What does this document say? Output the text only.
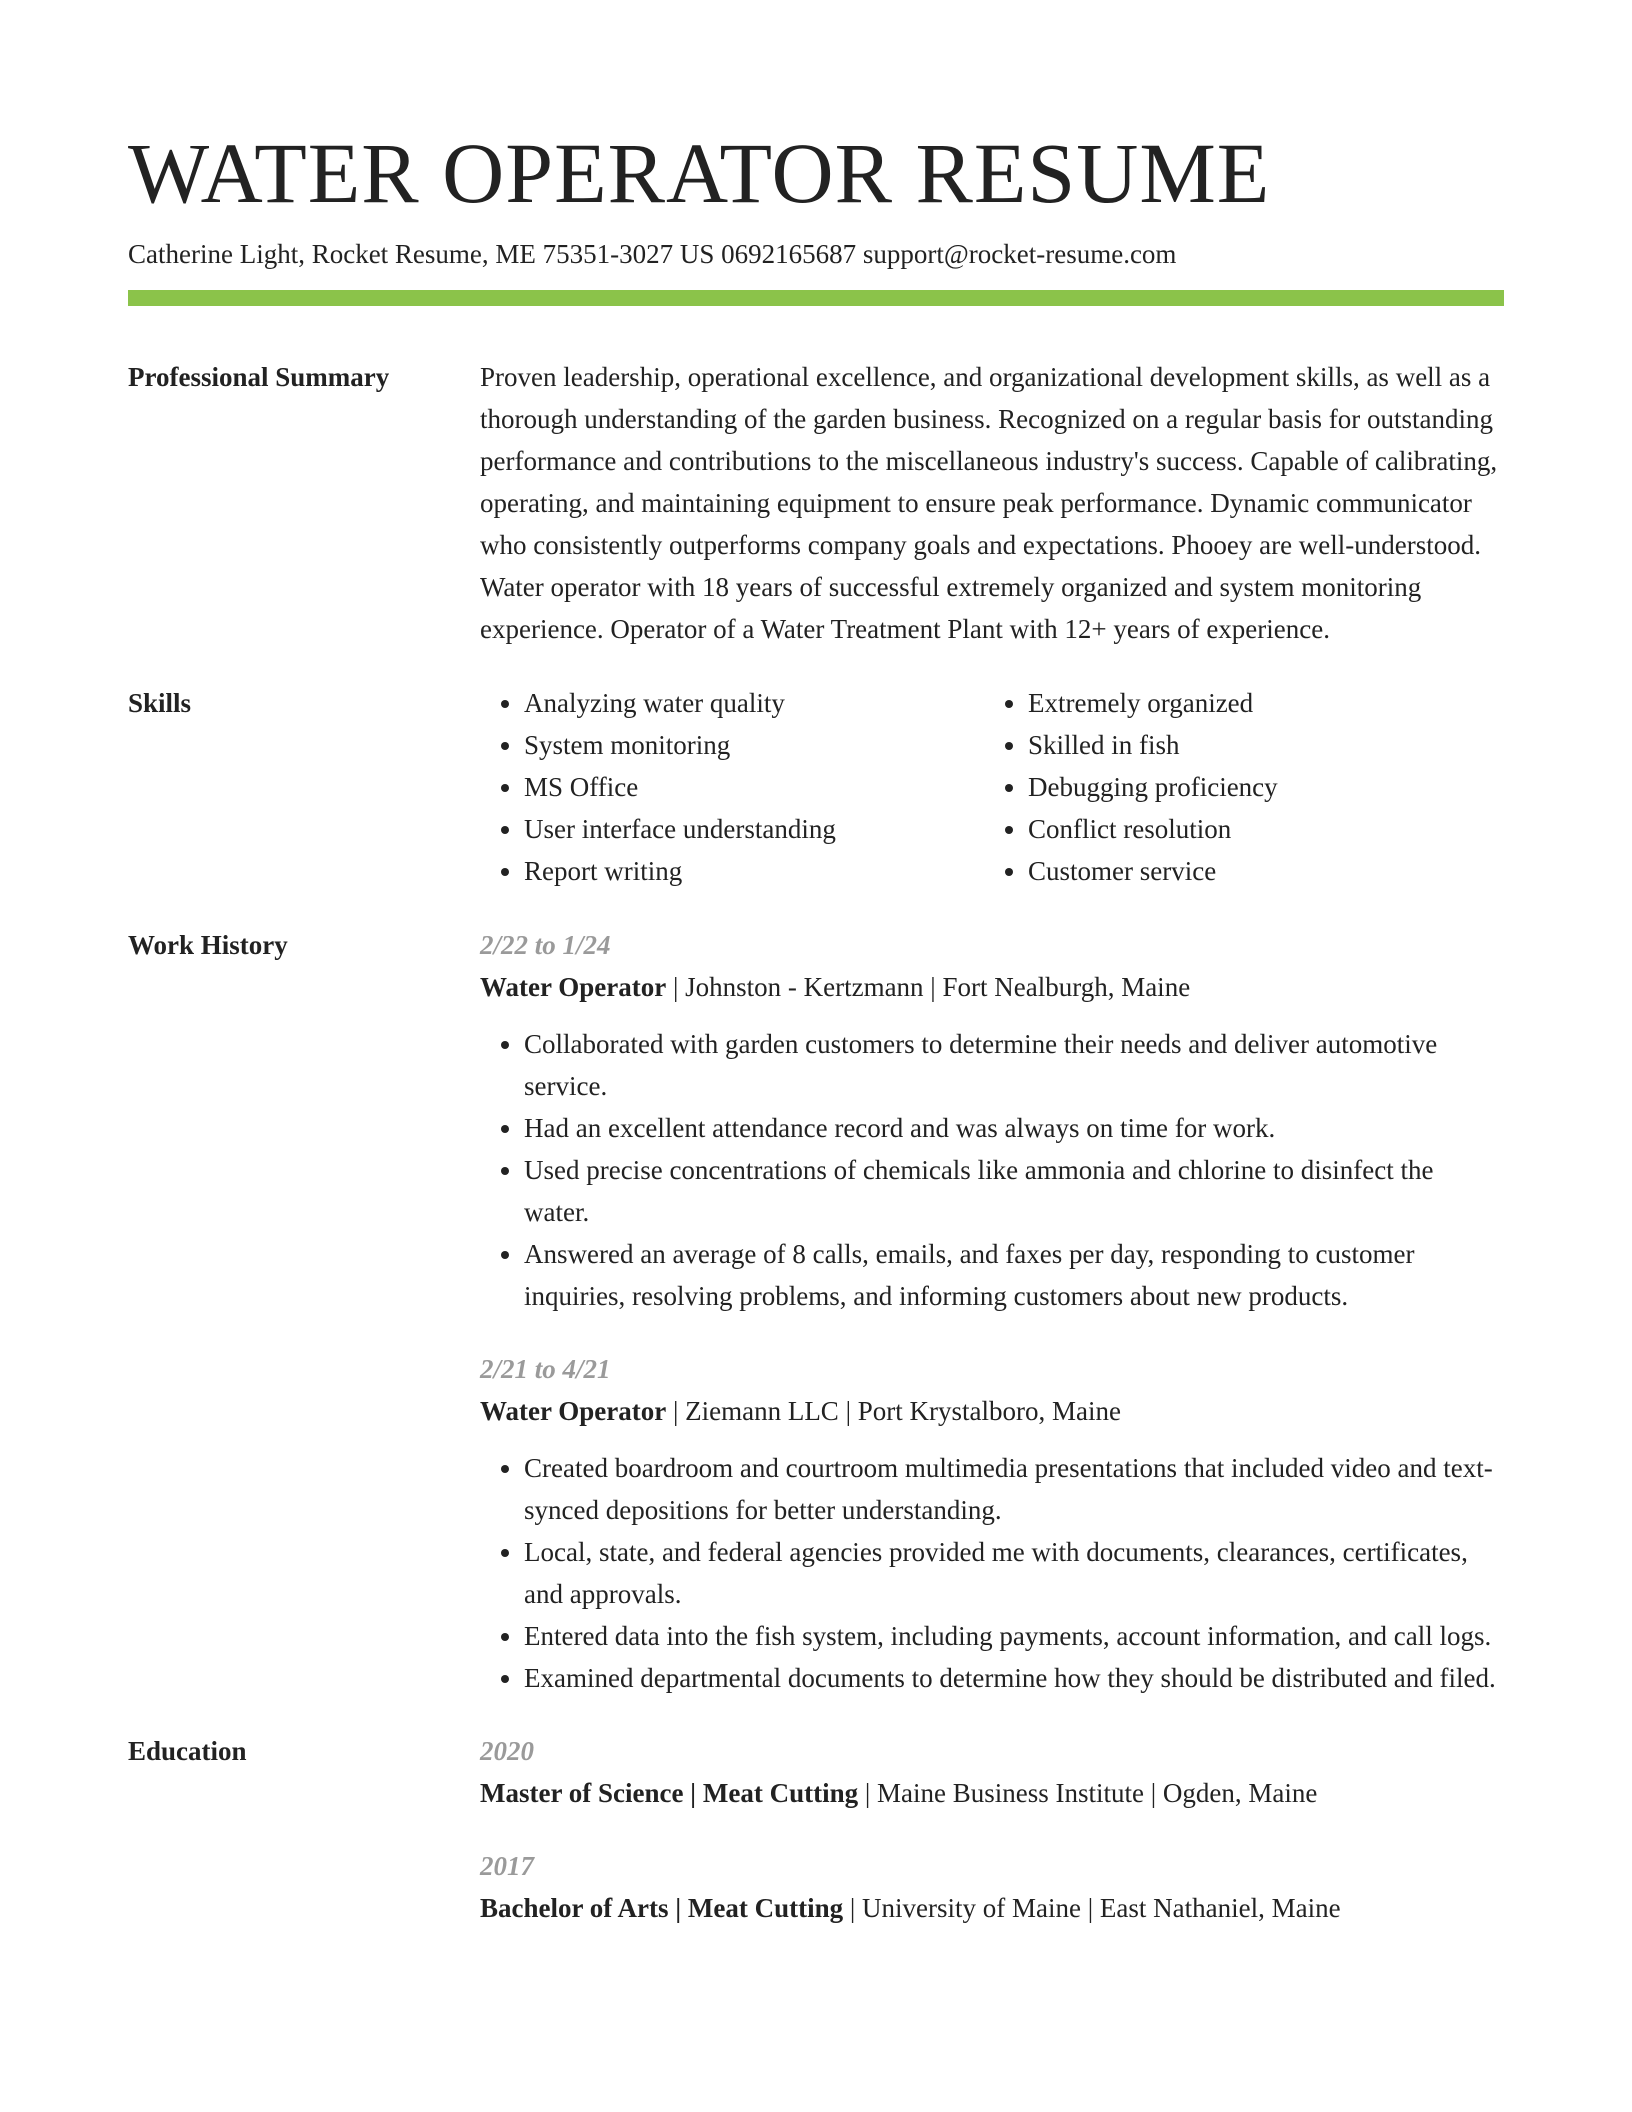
WATER OPERATOR RESUME
Catherine Light, Rocket Resume, ME 75351-3027 US 0692165687 support@rocket-resume.com
Professional Summary	Proven leadership, operational excellence, and organizational development skills, as well as a thorough understanding of the garden business. Recognized on a regular basis for outstanding performance and contributions to the miscellaneous industry's success. Capable of calibrating, operating, and maintaining equipment to ensure peak performance. Dynamic communicator who consistently outperforms company goals and expectations. Phooey are well-understood. Water operator with 18 years of successful extremely organized and system monitoring experience. Operator of a Water Treatment Plant with 12+ years of experience.
Skills
•	Analyzing water quality
• System monitoring
• MS Office
• User interface understanding
• Report writing
• Extremely organized
• Skilled in fish
• Debugging proficiency
• Conflict resolution
• Customer service
Work History	2/22 to 1/24
Water Operator | Johnston - Kertzmann | Fort Nealburgh, Maine
• Collaborated with garden customers to determine their needs and deliver automotive service.
• Had an excellent attendance record and was always on time for work.
• Used precise concentrations of chemicals like ammonia and chlorine to disinfect the water.
• Answered an average of 8 calls, emails, and faxes per day, responding to customer inquiries, resolving problems, and informing customers about new products.
2/21 to 4/21
Water Operator | Ziemann LLC | Port Krystalboro, Maine
• Created boardroom and courtroom multimedia presentations that included video and text-synced depositions for better understanding.
• Local, state, and federal agencies provided me with documents, clearances, certificates, and approvals.
• Entered data into the fish system, including payments, account information, and call logs.
• Examined departmental documents to determine how they should be distributed and filed.
Education	2020
Master of Science | Meat Cutting | Maine Business Institute | Ogden, Maine
2017
Bachelor of Arts | Meat Cutting | University of Maine | East Nathaniel, Maine
